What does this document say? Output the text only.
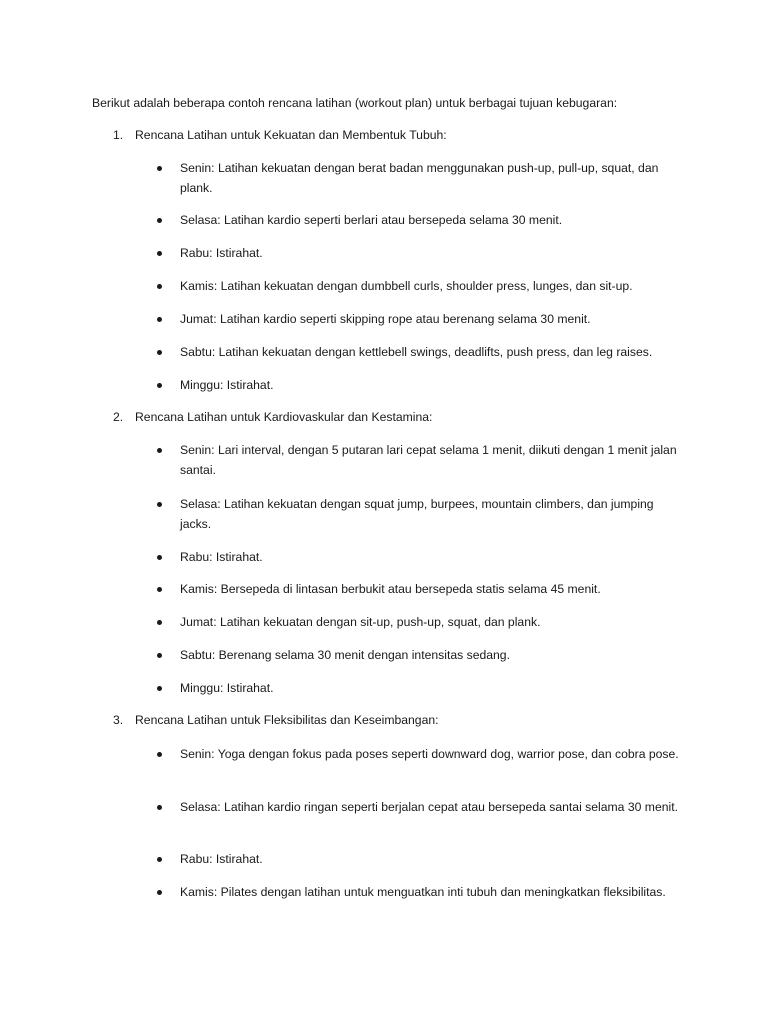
Berikut adalah beberapa contoh rencana latihan (workout plan) untuk berbagai tujuan kebugaran:
1. Rencana Latihan untuk Kekuatan dan Membentuk Tubuh:
Senin: Latihan kekuatan dengan berat badan menggunakan push-up, pull-up, squat, dan plank.
Selasa: Latihan kardio seperti berlari atau bersepeda selama 30 menit.
Rabu: Istirahat.
Kamis: Latihan kekuatan dengan dumbbell curls, shoulder press, lunges, dan sit-up.
Jumat: Latihan kardio seperti skipping rope atau berenang selama 30 menit.
Sabtu: Latihan kekuatan dengan kettlebell swings, deadlifts, push press, dan leg raises.
Minggu: Istirahat.
2. Rencana Latihan untuk Kardiovaskular dan Kestamina:
Senin: Lari interval, dengan 5 putaran lari cepat selama 1 menit, diikuti dengan 1 menit jalan santai.
Selasa: Latihan kekuatan dengan squat jump, burpees, mountain climbers, dan jumping jacks.
Rabu: Istirahat.
Kamis: Bersepeda di lintasan berbukit atau bersepeda statis selama 45 menit.
Jumat: Latihan kekuatan dengan sit-up, push-up, squat, dan plank.
Sabtu: Berenang selama 30 menit dengan intensitas sedang.
Minggu: Istirahat.
3. Rencana Latihan untuk Fleksibilitas dan Keseimbangan:
Senin: Yoga dengan fokus pada poses seperti downward dog, warrior pose, dan cobra pose.
Selasa: Latihan kardio ringan seperti berjalan cepat atau bersepeda santai selama 30 menit.
Rabu: Istirahat.
Kamis: Pilates dengan latihan untuk menguatkan inti tubuh dan meningkatkan fleksibilitas.
